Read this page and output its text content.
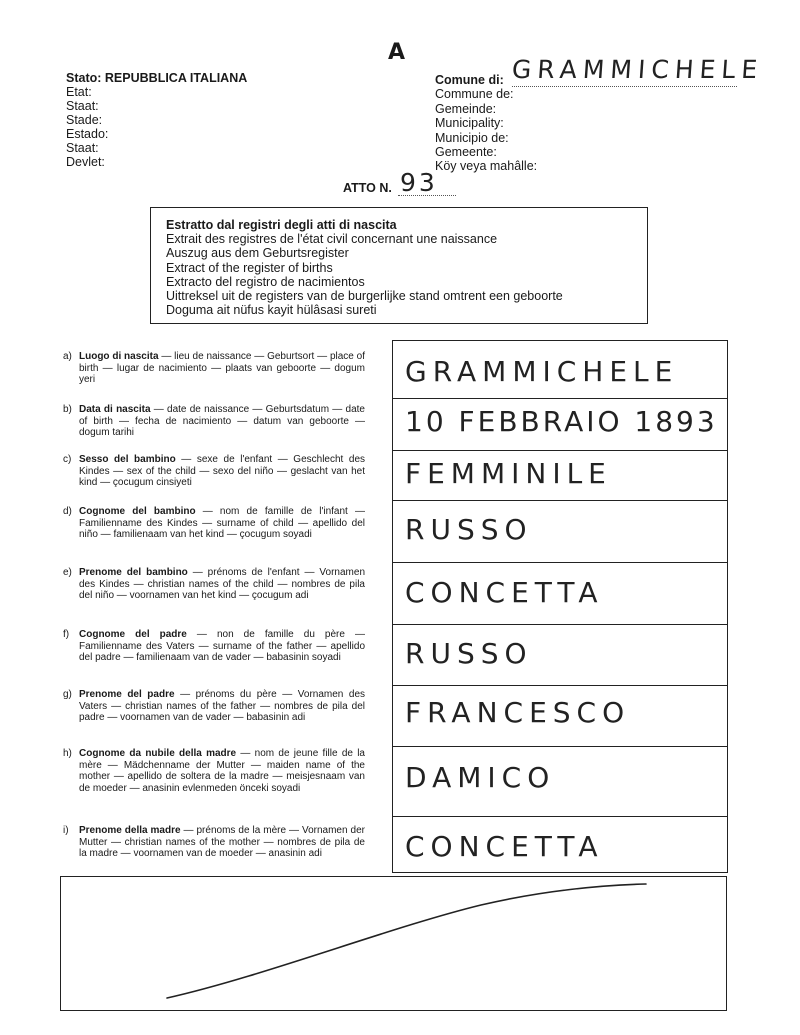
A
Stato: REPUBBLICA ITALIANA
Etat:
Staat:
Stade:
Estado:
Staat:
Devlet:
Comune di:
Commune de:
Gemeinde:
Municipality:
Municipio de:
Gemeente:
Köy veya mahâlle:
GRAMMICHELE
ATTO N. 93
Estratto dal registri degli atti di nascita
Extrait des registres de l'état civil concernant une naissance
Auszug aus dem Geburtsregister
Extract of the register of births
Extracto del registro de nacimientos
Uittreksel uit de registers van de burgerlijke stand omtrent een geboorte
Doguma ait nüfus kayit hülâsasi sureti
a) Luogo di nascita — lieu de naissance — Geburtsort — place of birth — lugar de nacimiento — plaats van geboorte — dogum yeri
b) Data di nascita — date de naissance — Geburtsdatum — date of birth — fecha de nacimiento — datum van geboorte — dogum tarihi
c) Sesso del bambino — sexe de l'enfant — Geschlecht des Kindes — sex of the child — sexo del niño — geslacht van het kind — çocugum cinsiyeti
d) Cognome del bambino — nom de famille de l'infant — Familienname des Kindes — surname of child — apellido del niño — familienaam van het kind — çocugum soyadi
e) Prenome del bambino — prénoms de l'enfant — Vornamen des Kindes — christian names of the child — nombres de pila del niño — voornamen van het kind — çocugum adi
f) Cognome del padre — non de famille du père — Familienname des Vaters — surname of the father — apellido del padre — familienaam van de vader — babasinin soyadi
g) Prenome del padre — prénoms du père — Vornamen des Vaters — christian names of the father — nombres de pila del padre — voornamen van de vader — babasinin adi
h) Cognome da nubile della madre — nom de jeune fille de la mère — Mädchenname der Mutter — maiden name of the mother — apellido de soltera de la madre — meisjesnaam van de moeder — anasinin evlenmeden önceki soyadi
i)	Prenome della madre — prénoms de la mère — Vornamen der Mutter — christian names of the mother — nombres de pila de la madre — voornamen van de moeder — anasinin adi
GRAMMICHELE
10 FEBBRAIO 1893
FEMMINILE
RUSSO
CONCETTA
RUSSO
FRANCESCO
DAMICO
CONCETTA
